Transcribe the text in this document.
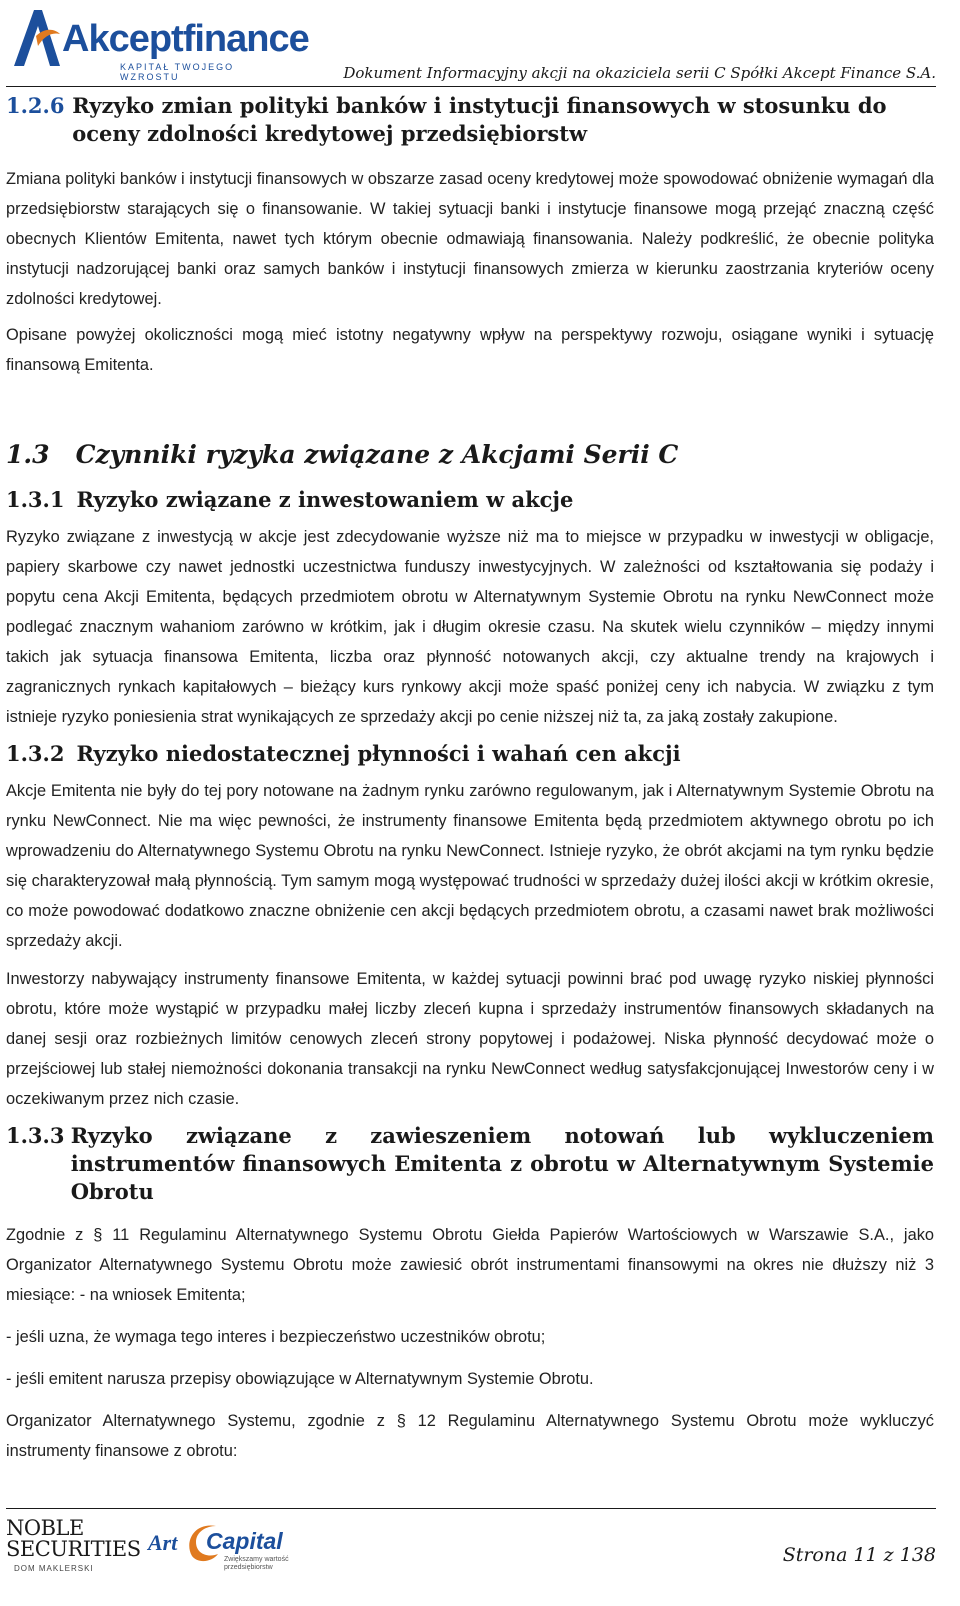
Akceptfinance
KAPITAŁ TWOJEGO WZROSTU	Dokument Informacyjny akcji na okaziciela serii C Spółki Akcept Finance S.A.
1.2.6 Ryzyko zmian polityki banków i instytucji finansowych w stosunku do oceny zdolności kredytowej przedsiębiorstw

Zmiana polityki banków i instytucji finansowych w obszarze zasad oceny kredytowej może spowodować obniżenie wymagań dla przedsiębiorstw starających się o finansowanie. W takiej sytuacji banki i instytucje finansowe mogą przejąć znaczną część obecnych Klientów Emitenta, nawet tych którym obecnie odmawiają finansowania. Należy podkreślić, że obecnie polityka instytucji nadzorującej banki oraz samych banków i instytucji finansowych zmierza w kierunku zaostrzania kryteriów oceny zdolności kredytowej.

Opisane powyżej okoliczności mogą mieć istotny negatywny wpływ na perspektywy rozwoju, osiągane wyniki i sytuację finansową Emitenta.

1.3 Czynniki ryzyka związane z Akcjami Serii C
1.3.1 Ryzyko związane z inwestowaniem w akcje

Ryzyko związane z inwestycją w akcje jest zdecydowanie wyższe niż ma to miejsce w przypadku w inwestycji w obligacje, papiery skarbowe czy nawet jednostki uczestnictwa funduszy inwestycyjnych. W zależności od kształtowania się podaży i popytu cena Akcji Emitenta, będących przedmiotem obrotu w Alternatywnym Systemie Obrotu na rynku NewConnect może podlegać znacznym wahaniom zarówno w krótkim, jak i długim okresie czasu. Na skutek wielu czynników – między innymi takich jak sytuacja finansowa Emitenta, liczba oraz płynność notowanych akcji, czy aktualne trendy na krajowych i zagranicznych rynkach kapitałowych – bieżący kurs rynkowy akcji może spaść poniżej ceny ich nabycia. W związku z tym istnieje ryzyko poniesienia strat wynikających ze sprzedaży akcji po cenie niższej niż ta, za jaką zostały zakupione.

1.3.2 Ryzyko niedostatecznej płynności i wahań cen akcji

Akcje Emitenta nie były do tej pory notowane na żadnym rynku zarówno regulowanym, jak i Alternatywnym Systemie Obrotu na rynku NewConnect. Nie ma więc pewności, że instrumenty finansowe Emitenta będą przedmiotem aktywnego obrotu po ich wprowadzeniu do Alternatywnego Systemu Obrotu na rynku NewConnect. Istnieje ryzyko, że obrót akcjami na tym rynku będzie się charakteryzował małą płynnością. Tym samym mogą występować trudności w sprzedaży dużej ilości akcji w krótkim okresie, co może powodować dodatkowo znaczne obniżenie cen akcji będących przedmiotem obrotu, a czasami nawet brak możliwości sprzedaży akcji.

Inwestorzy nabywający instrumenty finansowe Emitenta, w każdej sytuacji powinni brać pod uwagę ryzyko niskiej płynności obrotu, które może wystąpić w przypadku małej liczby zleceń kupna i sprzedaży instrumentów finansowych składanych na danej sesji oraz rozbieżnych limitów cenowych zleceń strony popytowej i podażowej. Niska płynność decydować może o przejściowej lub stałej niemożności dokonania transakcji na rynku NewConnect według satysfakcjonującej Inwestorów ceny i w oczekiwanym przez nich czasie.

1.3.3 Ryzyko związane z zawieszeniem notowań lub wykluczeniem instrumentów finansowych Emitenta z obrotu w Alternatywnym Systemie Obrotu

Zgodnie z § 11 Regulaminu Alternatywnego Systemu Obrotu Giełda Papierów Wartościowych w Warszawie S.A., jako Organizator Alternatywnego Systemu Obrotu może zawiesić obrót instrumentami finansowymi na okres nie dłuższy niż 3 miesiące: - na wniosek Emitenta;

- jeśli uzna, że wymaga tego interes i bezpieczeństwo uczestników obrotu;

- jeśli emitent narusza przepisy obowiązujące w Alternatywnym Systemie Obrotu.

Organizator Alternatywnego Systemu, zgodnie z § 12 Regulaminu Alternatywnego Systemu Obrotu może wykluczyć instrumenty finansowe z obrotu:

NOBLE
SECURITIES
DOM MAKLERSKI
Art Capital
Zwiększamy wartość przedsiębiorstw
Strona 11 z 138
